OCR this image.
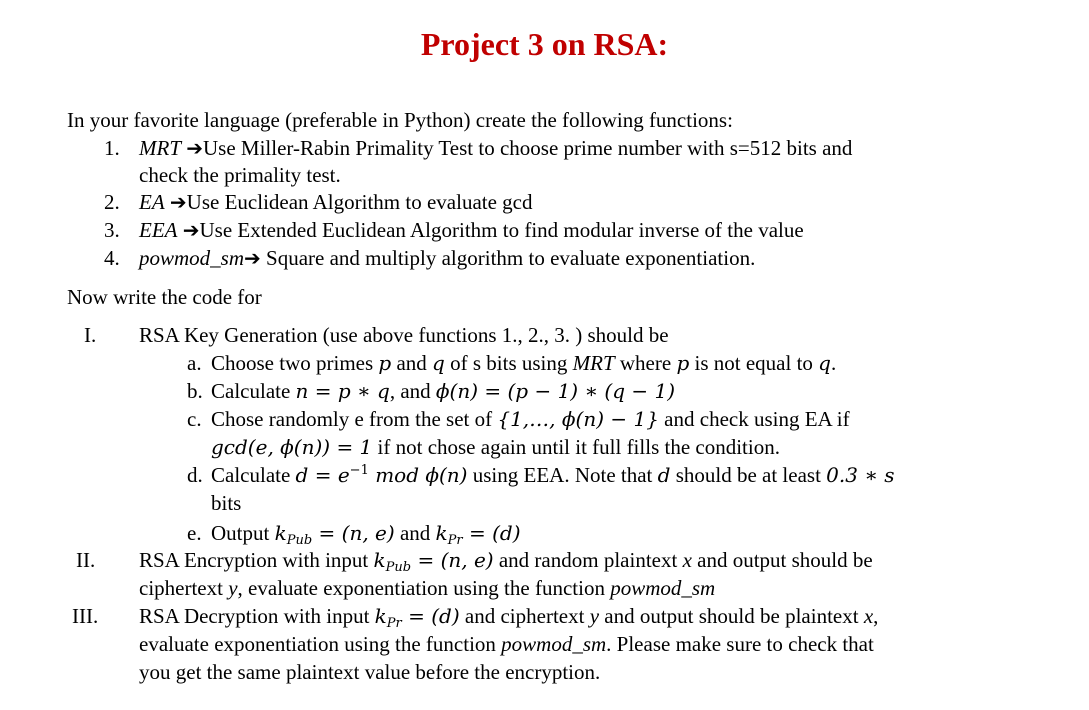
Project 3 on RSA:
In your favorite language (preferable in Python) create the following functions:
1. MRT ➔Use Miller-Rabin Primality Test to choose prime number with s=512 bits and
check the primality test.
2. EA ➔Use Euclidean Algorithm to evaluate gcd
3. EEA ➔Use Extended Euclidean Algorithm to find modular inverse of the value
4. powmod_sm➔ Square and multiply algorithm to evaluate exponentiation.
Now write the code for
I. RSA Key Generation (use above functions 1., 2., 3. ) should be
a. Choose two primes p and q of s bits using MRT where p is not equal to q.
b. Calculate n = p ∗ q, and ϕ(n) = (p − 1) ∗ (q − 1)
c. Chose randomly e from the set of {1,…, ϕ(n) − 1} and check using EA if
gcd(e, ϕ(n)) = 1 if not chose again until it full fills the condition.
d. Calculate $d = e^{-1}$ mod ϕ(n) using EEA. Note that d should be at least 0.3 ∗ s
bits
e. Output $k_{Pub} = (n$, e) and $k_{Pr} = (d)$
II. RSA Encryption with input $k_{Pub} = (n$, e) and random plaintext x and output should be
ciphertext y, evaluate exponentiation using the function powmod_sm
III. RSA Decryption with input $k_{Pr} = (d)$ and ciphertext y and output should be plaintext x,
evaluate exponentiation using the function powmod_sm. Please make sure to check that
you get the same plaintext value before the encryption.
